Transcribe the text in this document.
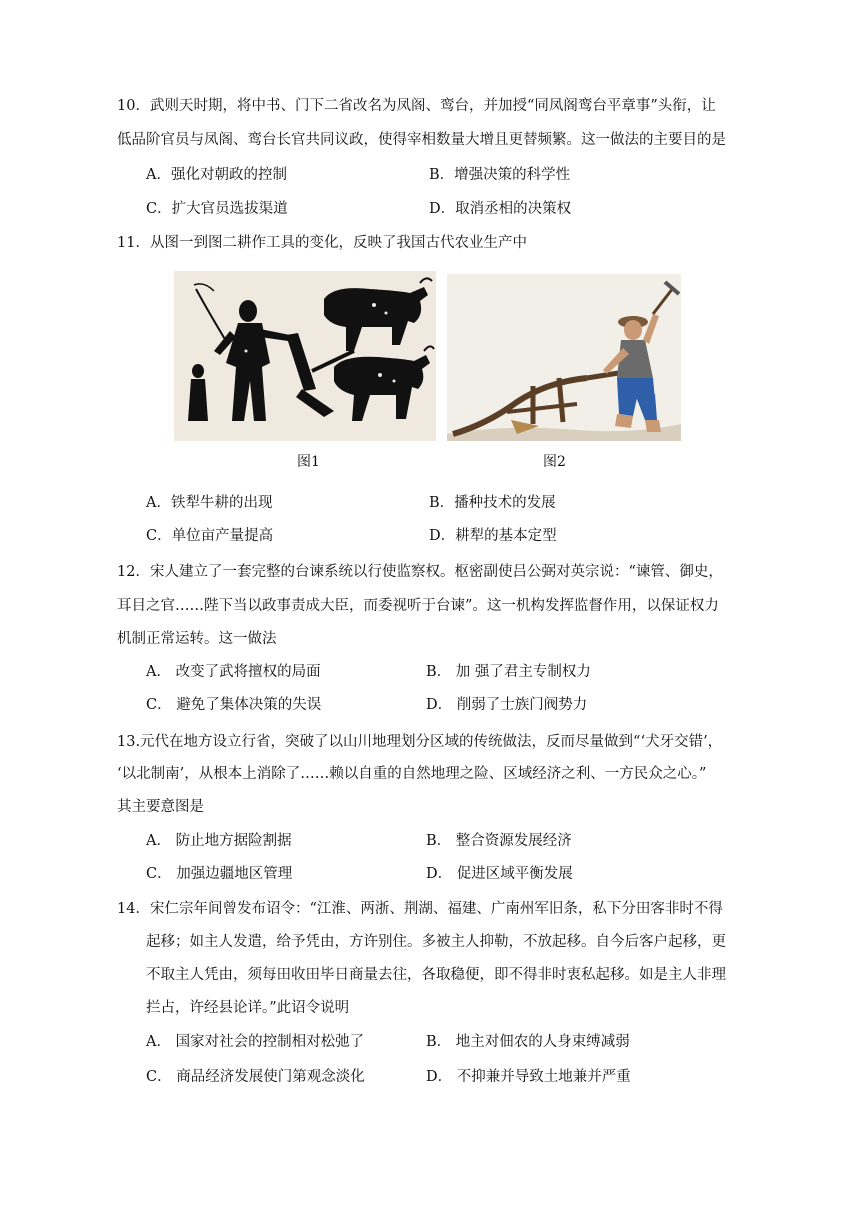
10．武则天时期，将中书、门下二省改名为凤阁、鸾台，并加授“同凤阁鸾台平章事”头衔，让
低品阶官员与凤阁、鸾台长官共同议政，使得宰相数量大增且更替频繁。这一做法的主要目的是
A．强化对朝政的控制	B．增强决策的科学性
C．扩大官员选拔渠道	D．取消丞相的决策权
11．从图一到图二耕作工具的变化，反映了我国古代农业生产中
图1	图2
A．铁犁牛耕的出现	B．播种技术的发展
C．单位亩产量提高	D．耕犁的基本定型
12．宋人建立了一套完整的台谏系统以行使监察权。枢密副使吕公弼对英宗说：“谏管、御史，
耳目之官……陛下当以政事责成大臣，而委视听于台谏”。这一机构发挥监督作用，以保证权力
机制正常运转。这一做法
A． 改变了武将擅权的局面	B． 加 强了君主专制权力
C． 避免了集体决策的失误	D． 削弱了士族门阀势力
13.元代在地方设立行省，突破了以山川地理划分区域的传统做法，反而尽量做到“‘犬牙交错’，
‘以北制南’，从根本上消除了……赖以自重的自然地理之险、区域经济之利、一方民众之心。”
其主要意图是
A． 防止地方据险割据	B． 整合资源发展经济
C． 加强边疆地区管理	D． 促进区域平衡发展
14．宋仁宗年间曾发布诏令：“江淮、两浙、荆湖、福建、广南州军旧条，私下分田客非时不得
起移；如主人发遣，给予凭由，方许别住。多被主人抑勒，不放起移。自今后客户起移，更
不取主人凭由，须每田收田毕日商量去往，各取稳便，即不得非时衷私起移。如是主人非理
拦占，许经县论详。”此诏令说明
A． 国家对社会的控制相对松弛了	B． 地主对佃农的人身束缚减弱
C． 商品经济发展使门第观念淡化	D． 不抑兼并导致土地兼并严重
